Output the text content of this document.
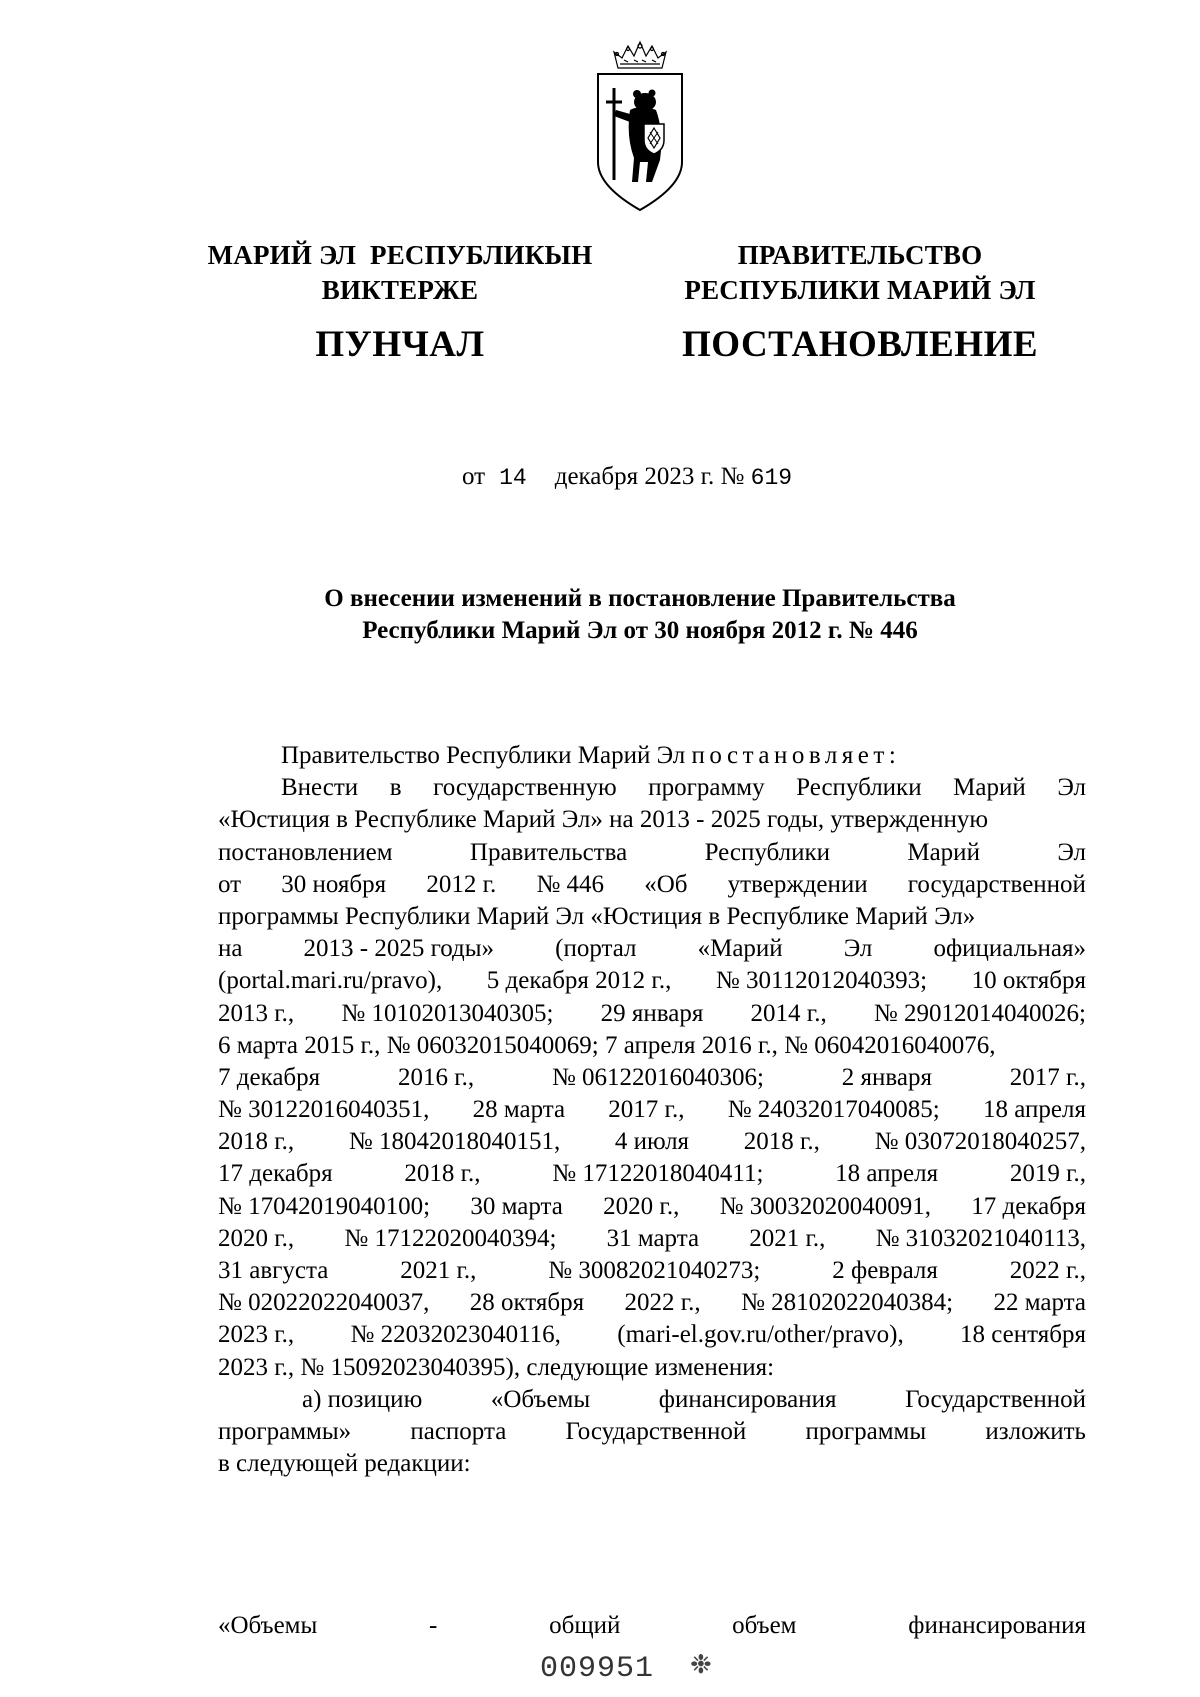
МАРИЙ ЭЛ  РЕСПУБЛИКЫН
ВИКТЕРЖЕ
ПУНЧАЛ
ПРАВИТЕЛЬСТВО
РЕСПУБЛИКИ МАРИЙ ЭЛ
ПОСТАНОВЛЕНИЕ
от 14 декабря 2023 г. № 619
О внесении изменений в постановление Правительства
Республики Марий Эл от 30 ноября 2012 г. № 446
Правительство Республики Марий Эл постановляет:
Внести в государственную программу Республики Марий Эл
«Юстиция в Республике Марий Эл» на 2013 - 2025 годы, утвержденную
постановлением	Правительства	Республики	Марий	Эл
от 30 ноября 2012 г. № 446 «Об утверждении государственной
программы Республики Марий Эл «Юстиция в Республике Марий Эл»
на 2013 - 2025 годы» (портал «Марий Эл официальная»
(portal.mari.ru/pravo), 5 декабря 2012 г., № 30112012040393; 10 октября
2013 г., № 10102013040305; 29 января 2014 г., № 29012014040026;
6 марта 2015 г., № 06032015040069; 7 апреля 2016 г., № 06042016040076,
7 декабря	2016 г.,	№ 06122016040306;	2 января	2017 г.,
№ 30122016040351, 28 марта 2017 г., № 24032017040085; 18 апреля
2018 г., № 18042018040151, 4 июля 2018 г., № 03072018040257,
17 декабря	2018 г.,	№ 17122018040411;	18 апреля	2019 г.,
№ 17042019040100; 30 марта 2020 г., № 30032020040091, 17 декабря
2020 г., № 17122020040394; 31 марта 2021 г., № 31032021040113,
31 августа	2021 г.,	№ 30082021040273;	2 февраля	2022 г.,
№ 02022022040037, 28 октября 2022 г., № 28102022040384; 22 марта
2023 г., № 22032023040116, (mari-el.gov.ru/other/pravo), 18 сентября
2023 г., № 15092023040395), следующие изменения:
а) позицию	«Объемы	финансирования	Государственной
программы» паспорта Государственной программы изложить
в следующей редакции:
«Объемы	-	общий	объем	финансирования
009951 ❉
